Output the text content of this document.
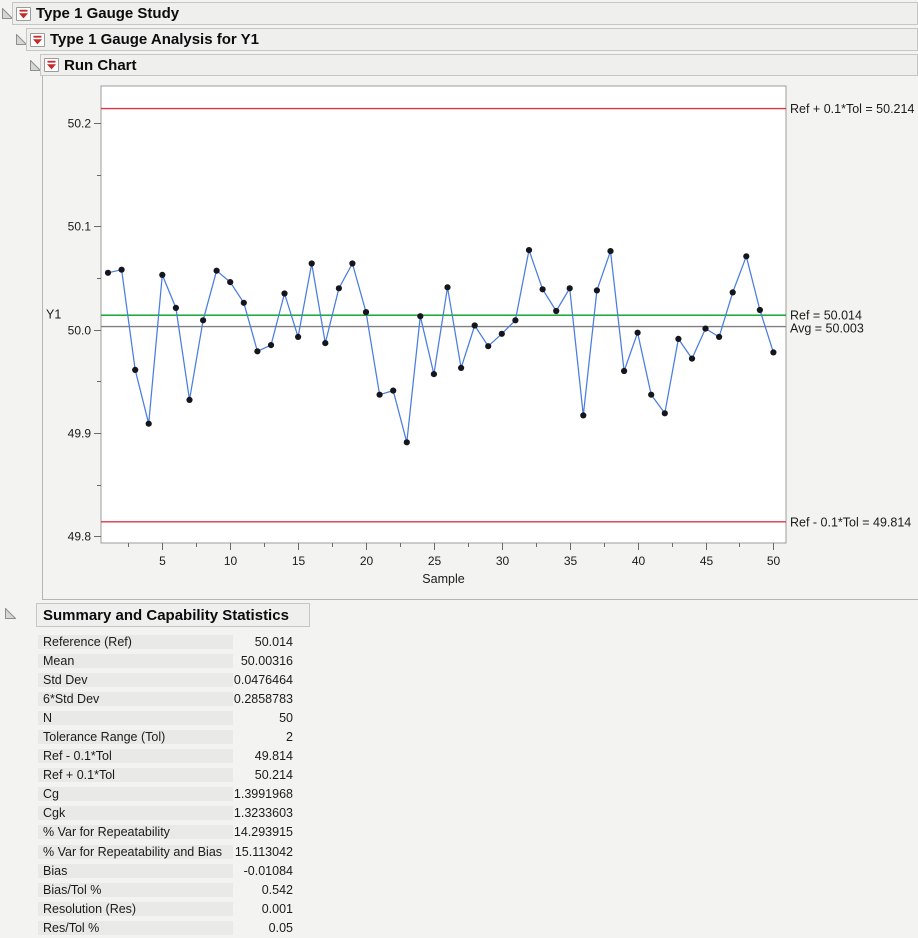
Type 1 Gauge Study
Type 1 Gauge Analysis for Y1
Run Chart
Ref + 0.1*Tol = 50.214
Ref = 50.014
Avg = 50.003
Ref - 0.1*Tol = 49.814
50.2
50.1
50.0
49.9
49.8
5	10	15	20	25	30	35	40	45	50
Sample
Y1
Summary and Capability Statistics
Reference (Ref)	50.014
Mean	50.00316
Std Dev	0.0476464
6*Std Dev	0.2858783
N	50
Tolerance Range (Tol)	2
Ref - 0.1*Tol	49.814
Ref + 0.1*Tol	50.214
Cg	1.3991968
Cgk	1.3233603
% Var for Repeatability	14.293915
% Var for Repeatability and Bias	15.113042
Bias	-0.01084
Bias/Tol %	0.542
Resolution (Res)	0.001
Res/Tol %	0.05
